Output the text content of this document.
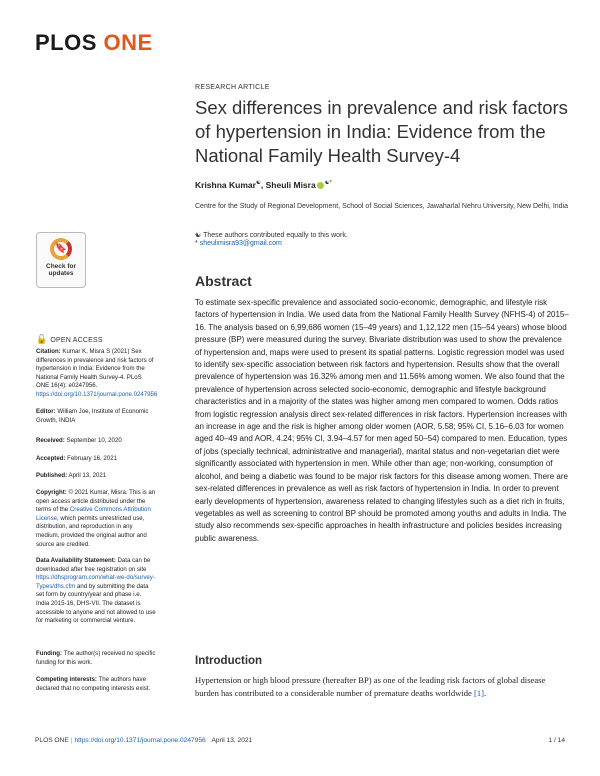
PLOS ONE
RESEARCH ARTICLE
Sex differences in prevalence and risk factors of hypertension in India: Evidence from the National Family Health Survey-4
Krishna Kumar☯, Sheuli Misra ☯*
Centre for the Study of Regional Development, School of Social Sciences, Jawaharlal Nehru University, New Delhi, India
☯ These authors contributed equally to this work.
* sheulimisra93@gmail.com
Abstract

To estimate sex-specific prevalence and associated socio-economic, demographic, and lifestyle risk factors of hypertension in India. We used data from the National Family Health Survey (NFHS-4) of 2015–16. The analysis based on 6,99,686 women (15–49 years) and 1,12,122 men (15–54 years) whose blood pressure (BP) were measured during the survey. Bivariate distribution was used to show the prevalence of hypertension and, maps were used to present its spatial patterns. Logistic regression model was used to identify sex-specific association between risk factors and hypertension. Results show that the overall prevalence of hypertension was 16.32% among men and 11.56% among women. We also found that the prevalence of hypertension across selected socio-economic, demographic and lifestyle background characteristics and in a majority of the states was higher among men compared to women. Odds ratios from logistic regression analysis direct sex-related differences in risk factors. Hypertension increases with an increase in age and the risk is higher among older women (AOR, 5.58; 95% CI, 5.16–6.03 for women aged 40–49 and AOR, 4.24; 95% CI, 3.94–4.57 for men aged 50–54) compared to men. Education, types of jobs (specially technical, administrative and managerial), marital status and non-vegetarian diet were significantly associated with hypertension in men. While other than age; non-working, consumption of alcohol, and being a diabetic was found to be major risk factors for this disease among women. There are sex-related differences in prevalence as well as risk factors of hypertension in India. In order to prevent early developments of hypertension, awareness related to changing lifestyles such as a diet rich in fruits, vegetables as well as screening to control BP should be promoted among youths and adults in India. The study also recommends sex-specific approaches in health infrastructure and policies besides increasing public awareness.

Introduction

Hypertension or high blood pressure (hereafter BP) as one of the leading risk factors of global disease burden has contributed to a considerable number of premature deaths worldwide [1].

🔖
Check for
updates
🔓 OPEN ACCESS
Citation: Kumar K, Misra S (2021) Sex differences in prevalence and risk factors of hypertension in India: Evidence from the National Family Health Survey-4. PLoS ONE 16(4): e0247956. https://doi.org/10.1371/journal.pone.0247956
Editor: William Joe, Institute of Economic Growth, INDIA
Received: September 10, 2020
Accepted: February 16, 2021
Published: April 13, 2021
Copyright: © 2021 Kumar, Misra. This is an open access article distributed under the terms of the Creative Commons Attribution License, which permits unrestricted use, distribution, and reproduction in any medium, provided the original author and source are credited.
Data Availability Statement: Data can be downloaded after free registration on site https://dhsprogram.com/what-we-do/survey-Types/dhs.cfm and by submitting the data set form by country/year and phase i.e. India 2015-16, DHS-VII. The dataset is accessible to anyone and not allowed to use for marketing or commercial venture.
Funding: The author(s) received no specific funding for this work.
Competing interests: The authors have declared that no competing interests exist.
PLOS ONE | https://doi.org/10.1371/journal.pone.0247956 April 13, 2021	1 / 14
